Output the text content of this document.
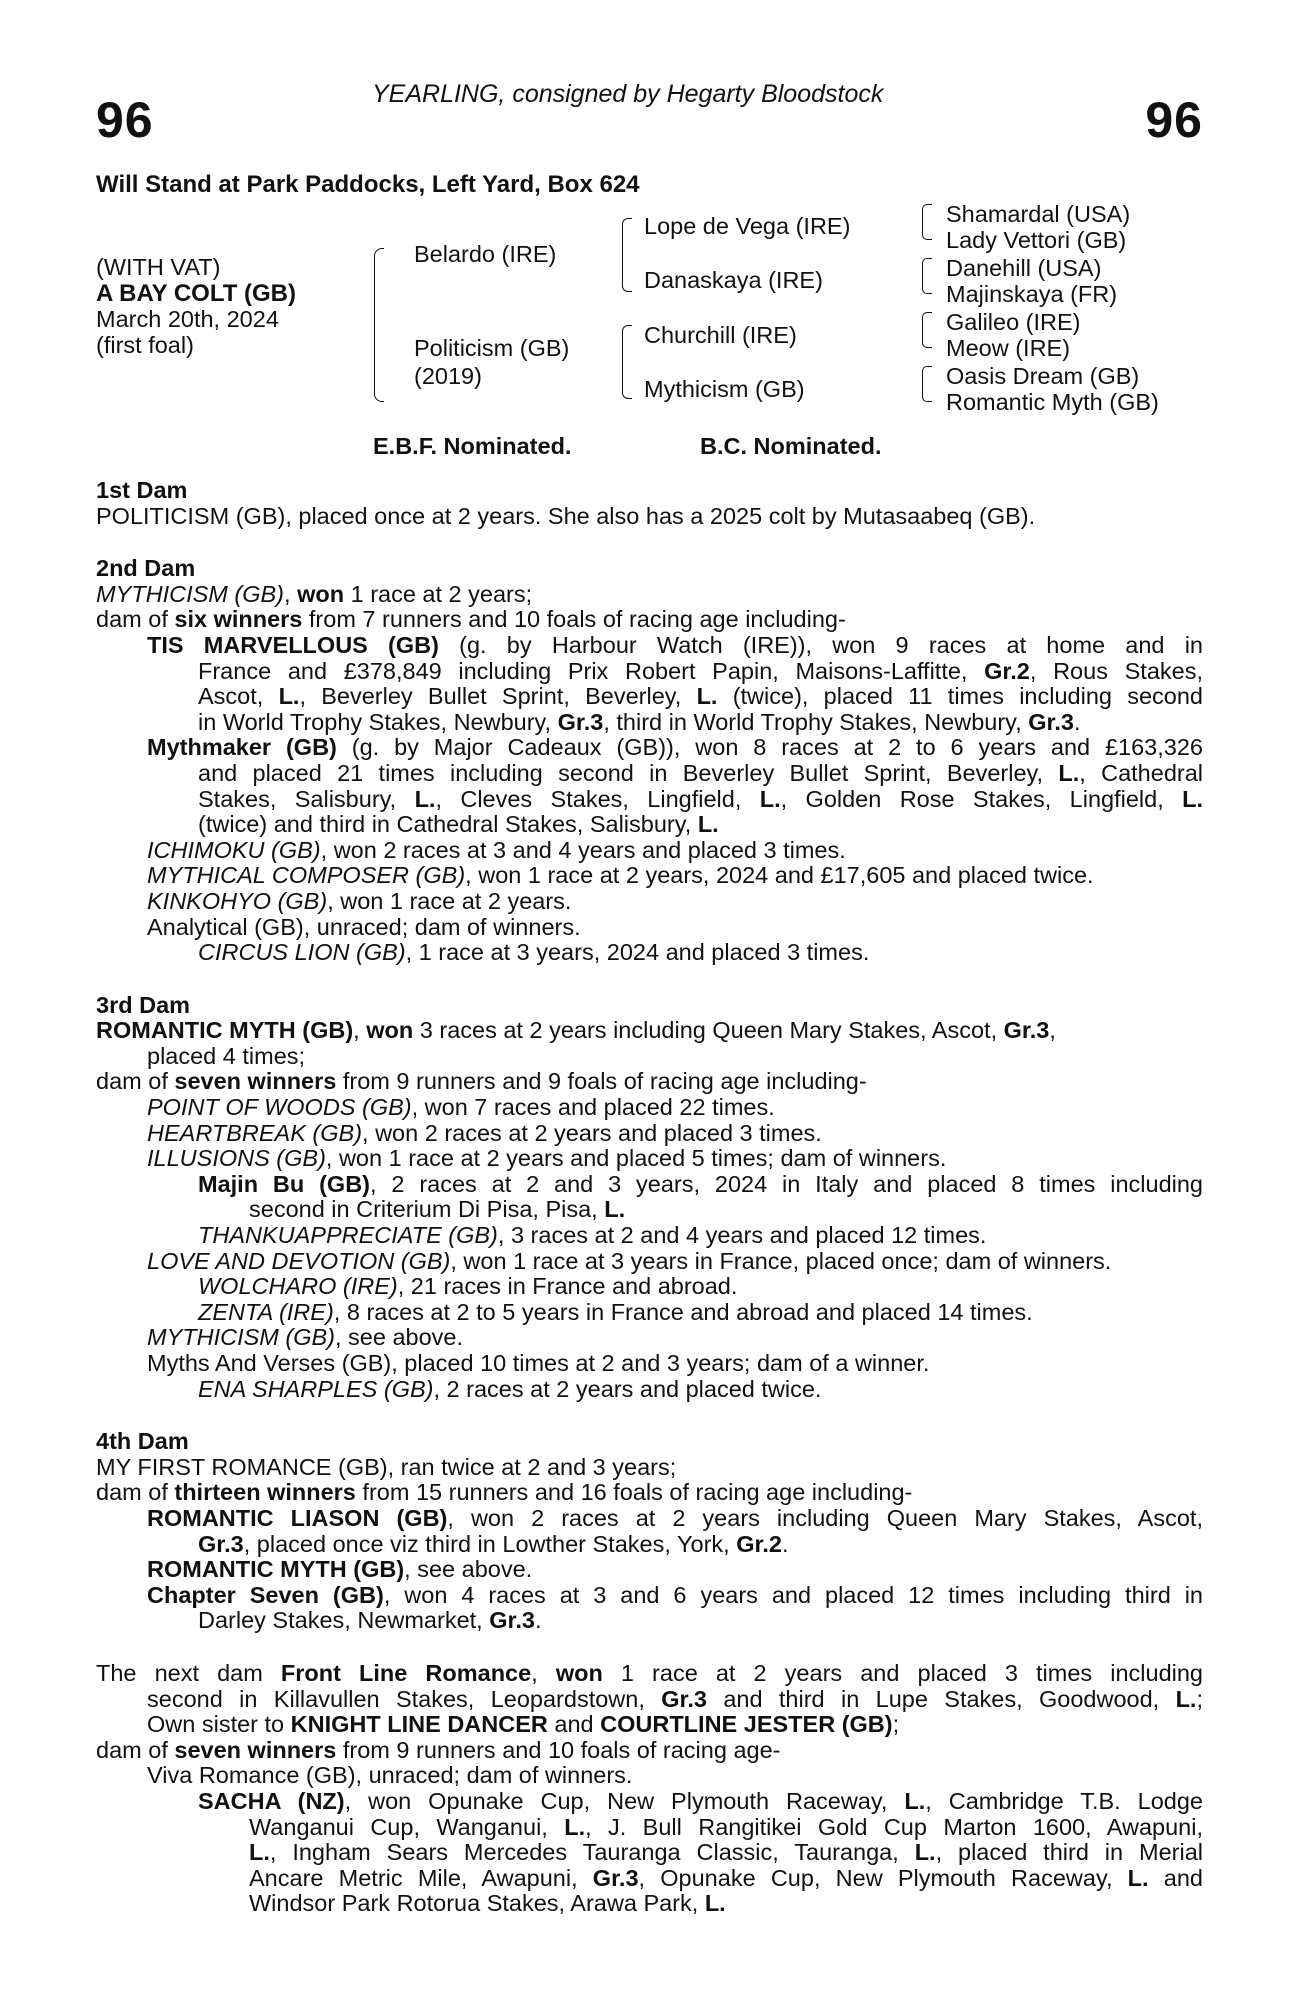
YEARLING, consigned by Hegarty Bloodstock
96	96
Will Stand at Park Paddocks, Left Yard, Box 624
(WITH VAT)
A BAY COLT (GB)
March 20th, 2024
(first foal)
Belardo (IRE)
Politicism (GB)
(2019)
Lope de Vega (IRE)
Danaskaya (IRE)
Churchill (IRE)
Mythicism (GB)
Shamardal (USA)
Lady Vettori (GB)
Danehill (USA)
Majinskaya (FR)
Galileo (IRE)
Meow (IRE)
Oasis Dream (GB)
Romantic Myth (GB)
E.B.F. Nominated.	B.C. Nominated.
1st Dam
POLITICISM (GB), placed once at 2 years. She also has a 2025 colt by Mutasaabeq (GB).
2nd Dam
MYTHICISM (GB), won 1 race at 2 years;
dam of six winners from 7 runners and 10 foals of racing age including-
TIS MARVELLOUS (GB) (g. by Harbour Watch (IRE)), won 9 races at home and in
France and £378,849 including Prix Robert Papin, Maisons-Laffitte, Gr.2, Rous Stakes,
Ascot, L., Beverley Bullet Sprint, Beverley, L. (twice), placed 11 times including second
in World Trophy Stakes, Newbury, Gr.3, third in World Trophy Stakes, Newbury, Gr.3.
Mythmaker (GB) (g. by Major Cadeaux (GB)), won 8 races at 2 to 6 years and £163,326
and placed 21 times including second in Beverley Bullet Sprint, Beverley, L., Cathedral
Stakes, Salisbury, L., Cleves Stakes, Lingfield, L., Golden Rose Stakes, Lingfield, L.
(twice) and third in Cathedral Stakes, Salisbury, L.
ICHIMOKU (GB), won 2 races at 3 and 4 years and placed 3 times.
MYTHICAL COMPOSER (GB), won 1 race at 2 years, 2024 and £17,605 and placed twice.
KINKOHYO (GB), won 1 race at 2 years.
Analytical (GB), unraced; dam of winners.
CIRCUS LION (GB), 1 race at 3 years, 2024 and placed 3 times.
3rd Dam
ROMANTIC MYTH (GB), won 3 races at 2 years including Queen Mary Stakes, Ascot, Gr.3,
placed 4 times;
dam of seven winners from 9 runners and 9 foals of racing age including-
POINT OF WOODS (GB), won 7 races and placed 22 times.
HEARTBREAK (GB), won 2 races at 2 years and placed 3 times.
ILLUSIONS (GB), won 1 race at 2 years and placed 5 times; dam of winners.
Majin Bu (GB), 2 races at 2 and 3 years, 2024 in Italy and placed 8 times including
second in Criterium Di Pisa, Pisa, L.
THANKUAPPRECIATE (GB), 3 races at 2 and 4 years and placed 12 times.
LOVE AND DEVOTION (GB), won 1 race at 3 years in France, placed once; dam of winners.
WOLCHARO (IRE), 21 races in France and abroad.
ZENTA (IRE), 8 races at 2 to 5 years in France and abroad and placed 14 times.
MYTHICISM (GB), see above.
Myths And Verses (GB), placed 10 times at 2 and 3 years; dam of a winner.
ENA SHARPLES (GB), 2 races at 2 years and placed twice.
4th Dam
MY FIRST ROMANCE (GB), ran twice at 2 and 3 years;
dam of thirteen winners from 15 runners and 16 foals of racing age including-
ROMANTIC LIASON (GB), won 2 races at 2 years including Queen Mary Stakes, Ascot,
Gr.3, placed once viz third in Lowther Stakes, York, Gr.2.
ROMANTIC MYTH (GB), see above.
Chapter Seven (GB), won 4 races at 3 and 6 years and placed 12 times including third in
Darley Stakes, Newmarket, Gr.3.
The next dam Front Line Romance, won 1 race at 2 years and placed 3 times including
second in Killavullen Stakes, Leopardstown, Gr.3 and third in Lupe Stakes, Goodwood, L.;
Own sister to KNIGHT LINE DANCER and COURTLINE JESTER (GB);
dam of seven winners from 9 runners and 10 foals of racing age-
Viva Romance (GB), unraced; dam of winners.
SACHA (NZ), won Opunake Cup, New Plymouth Raceway, L., Cambridge T.B. Lodge
Wanganui Cup, Wanganui, L., J. Bull Rangitikei Gold Cup Marton 1600, Awapuni,
L., Ingham Sears Mercedes Tauranga Classic, Tauranga, L., placed third in Merial
Ancare Metric Mile, Awapuni, Gr.3, Opunake Cup, New Plymouth Raceway, L. and
Windsor Park Rotorua Stakes, Arawa Park, L.
